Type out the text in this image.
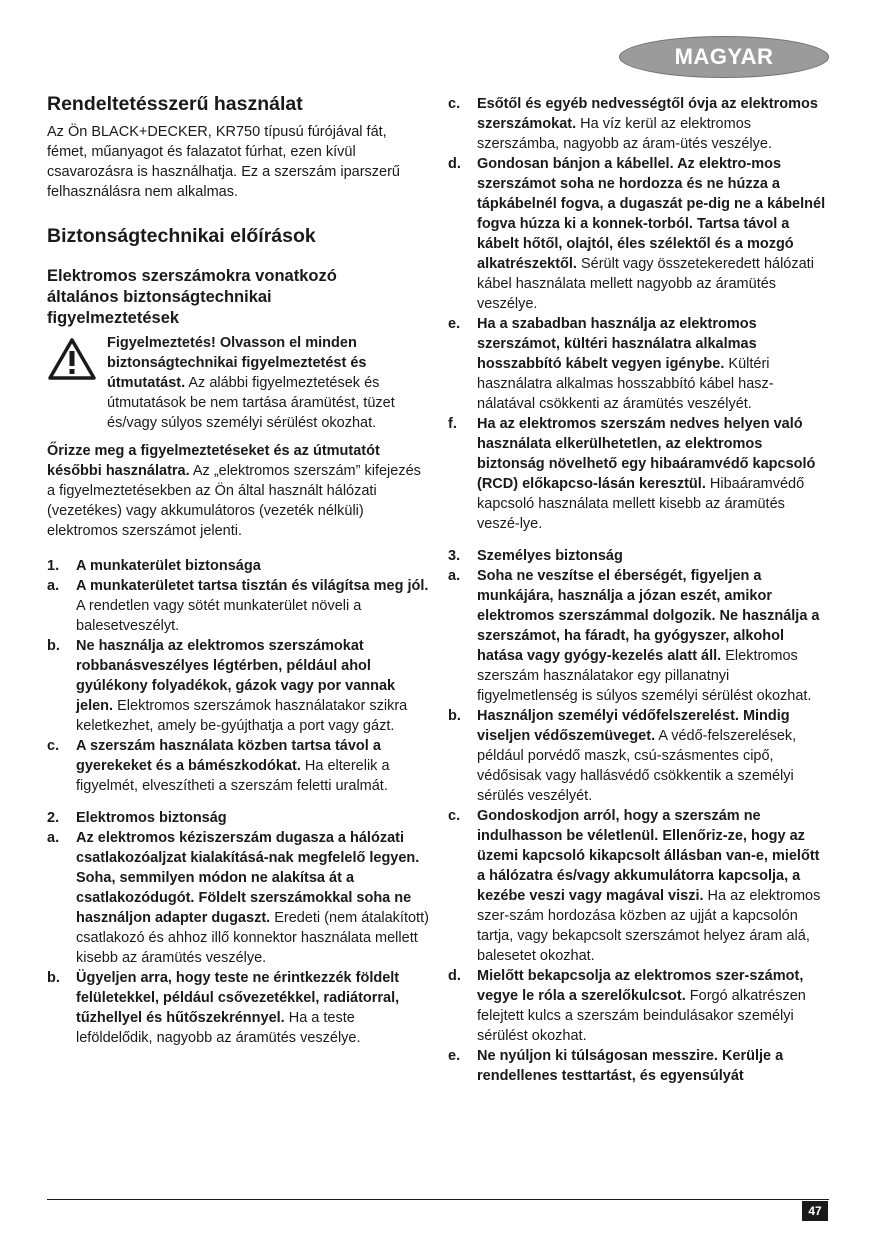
MAGYAR
Rendeltetésszerű használat

Az Ön BLACK+DECKER, KR750 típusú fúrójával fát, fémet, műanyagot és falazatot fúrhat, ezen kívül csavarozásra is használhatja. Ez a szerszám iparszerű felhasználásra nem alkalmas.

Biztonságtechnikai előírások
Elektromos szerszámokra vonatkozó általános biztonságtechnikai figyelmeztetések

Figyelmeztetés! Olvasson el minden biztonságtechnikai figyelmeztetést és útmutatást. Az alábbi figyelmeztetések és útmutatások be nem tartása áramütést, tüzet és/vagy súlyos személyi sérülést okozhat.

Őrizze meg a figyelmeztetéseket és az útmutatót későbbi használatra. Az „elektromos szerszám” kifejezés a figyelmeztetésekben az Ön által használt hálózati (vezetékes) vagy akkumulátoros (vezeték nélküli) elektromos szerszámot jelenti.

1.	A munkaterület biztonsága
a.	A munkaterületet tartsa tisztán és világítsa meg jól. A rendetlen vagy sötét munkaterület növeli a balesetveszélyt.
b.	Ne használja az elektromos szerszámokat robbanásveszélyes légtérben, például ahol gyúlékony folyadékok, gázok vagy por vannak jelen. Elektromos szerszámok használatakor szikra keletkezhet, amely be-gyújthatja a port vagy gázt.
c.	A szerszám használata közben tartsa távol a gyerekeket és a bámészkodókat. Ha elterelik a figyelmét, elveszítheti a szerszám feletti uralmát.
2.	Elektromos biztonság
a.	Az elektromos kéziszerszám dugasza a hálózati csatlakozóaljzat kialakításá-nak megfelelő legyen. Soha, semmilyen módon ne alakítsa át a csatlakozódugót. Földelt szerszámokkal soha ne használjon adapter dugaszt. Eredeti (nem átalakított) csatlakozó és ahhoz illő konnektor használata mellett kisebb az áramütés veszélye.
b.	Ügyeljen arra, hogy teste ne érintkezzék földelt felületekkel, például csővezetékkel, radiátorral, tűzhellyel és hűtőszekrénnyel. Ha a teste leföldelődik, nagyobb az áramütés veszélye.
c.	Esőtől és egyéb nedvességtől óvja az elektromos szerszámokat. Ha víz kerül az elektromos szerszámba, nagyobb az áram-ütés veszélye.
d.	Gondosan bánjon a kábellel. Az elektro-mos szerszámot soha ne hordozza és ne húzza a tápkábelnél fogva, a dugaszát pe-dig ne a kábelnél fogva húzza ki a konnek-torból. Tartsa távol a kábelt hőtől, olajtól, éles szélektől és a mozgó alkatrészektől. Sérült vagy összetekeredett hálózati kábel használata mellett nagyobb az áramütés veszélye.
e.	Ha a szabadban használja az elektromos szerszámot, kültéri használatra alkalmas hosszabbító kábelt vegyen igénybe. Kültéri használatra alkalmas hosszabbító kábel hasz-nálatával csökkenti az áramütés veszélyét.
f.	Ha az elektromos szerszám nedves helyen való használata elkerülhetetlen, az elektromos biztonság növelhető egy hibaáramvédő kapcsoló (RCD) előkapcso-lásán keresztül. Hibaáramvédő kapcsoló használata mellett kisebb az áramütés veszé-lye.
3.	Személyes biztonság
a.	Soha ne veszítse el éberségét, figyeljen a munkájára, használja a józan eszét, amikor elektromos szerszámmal dolgozik. Ne használja a szerszámot, ha fáradt, ha gyógyszer, alkohol hatása vagy gyógy-kezelés alatt áll. Elektromos szerszám használatakor egy pillanatnyi figyelmetlenség is súlyos személyi sérülést okozhat.
b.	Használjon személyi védőfelszerelést. Mindig viseljen védőszemüveget. A védő-felszerelések, például porvédő maszk, csú-szásmentes cipő, védősisak vagy hallásvédő csökkentik a személyi sérülés veszélyét.
c.	Gondoskodjon arról, hogy a szerszám ne indulhasson be véletlenül. Ellenőriz-ze, hogy az üzemi kapcsoló kikapcsolt állásban van-e, mielőtt a hálózatra és/vagy akkumulátorra kapcsolja, a kezébe veszi vagy magával viszi. Ha az elektromos szer-szám hordozása közben az ujját a kapcsolón tartja, vagy bekapcsolt szerszámot helyez áram alá, balesetet okozhat.
d.	Mielőtt bekapcsolja az elektromos szer-számot, vegye le róla a szerelőkulcsot. Forgó alkatrészen felejtett kulcs a szerszám beindulásakor személyi sérülést okozhat.
e.	Ne nyúljon ki túlságosan messzire. Kerülje a rendellenes testtartást, és egyensúlyát
47
